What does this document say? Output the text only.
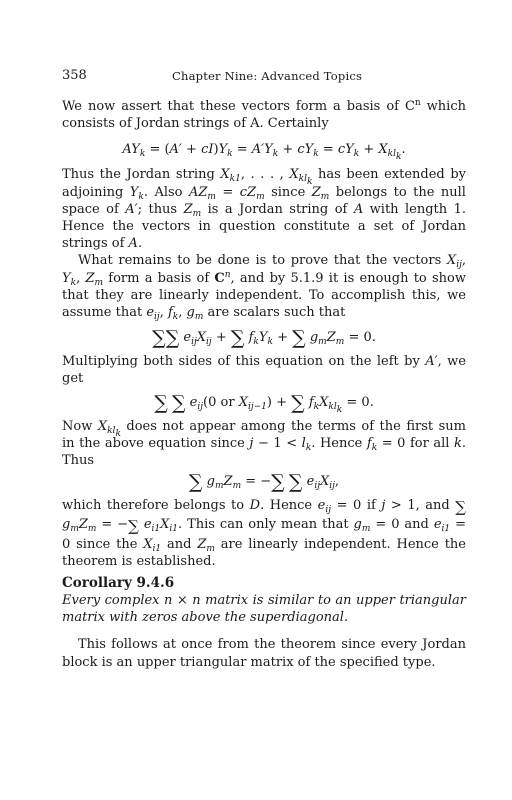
358	Chapter Nine: Advanced Topics

We now assert that these vectors form a basis of $C^n$ which consists of Jordan strings of A. Certainly

$AY_k = (A' + cI)Y_k = A'Y_k + cY_k = cY_k + X_{kl_k}$.

Thus the Jordan string $X_{k1}$, . . . , $X_{kl_k}$ has been extended by adjoining $Y_k$. Also $AZ_m = cZ_m$ since $Z_m$ belongs to the null space of A′; thus $Z_m$ is a Jordan string of A with length 1. Hence the vectors in question constitute a set of Jordan strings of A.

What remains to be done is to prove that the vectors $X_{ij}$, $Y_k$, $Z_m$ form a basis of $C^n$, and by 5.1.9 it is enough to show that they are linearly independent. To accomplish this, we assume that $e_{ij}$, $f_k$, $g_m$ are scalars such that

∑∑ $e_{ij}X_{ij}$ + ∑ $f_kY_k$ + ∑ $g_mZ_m = 0$.

Multiplying both sides of this equation on the left by A′, we get

∑ ∑ $e_{ij}(0$ or $X_{ij-1}$) + ∑ $f_kX_{kl_k} = 0$.

Now $X_{kl_k}$ does not appear among the terms of the first sum in the above equation since $j - 1 < l_k$. Hence $f_k = 0$ for all k. Thus

∑ $g_mZ_m$ = −∑ ∑ $e_{ij}X_{ij}$,

which therefore belongs to D. Hence $e_{ij} = 0$ if j > 1, and ∑ $g_mZ_m$ = −∑ $e_{i1}X_{i1}$. This can only mean that $g_m = 0$ and $e_{i1} = 0$ since the $X_{i1}$ and $Z_m$ are linearly independent. Hence the theorem is established.

Corollary 9.4.6

Every complex n × n matrix is similar to an upper triangular matrix with zeros above the superdiagonal.

This follows at once from the theorem since every Jordan block is an upper triangular matrix of the specified type.
